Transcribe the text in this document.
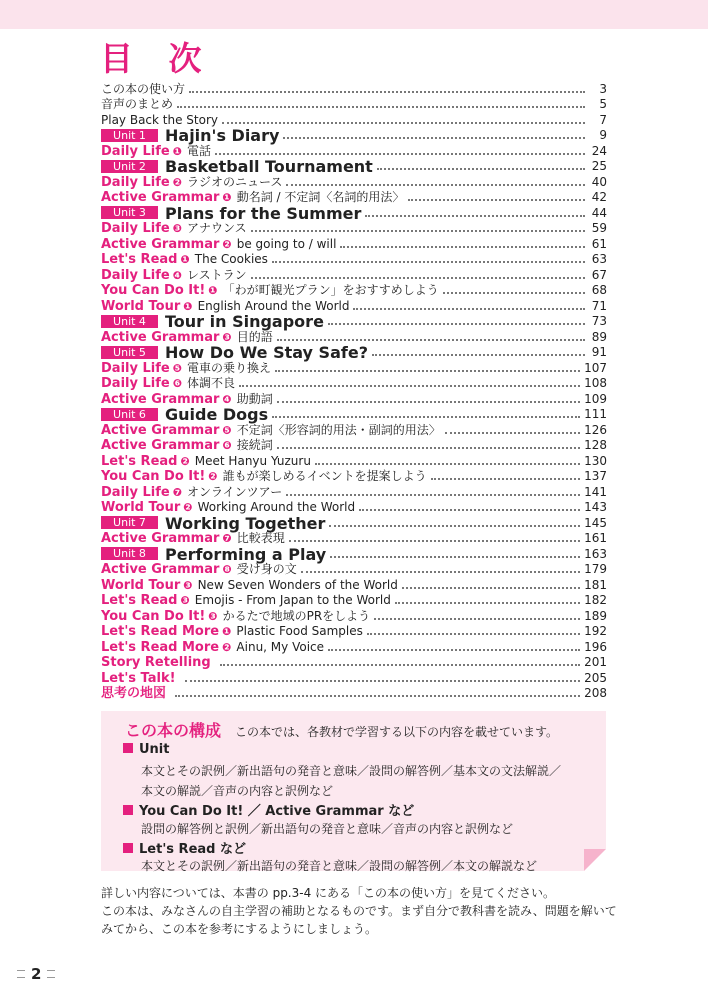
目 次
この本の使い方	3
音声のまとめ	5
Play Back the Story	7
Unit 1	Hajin's Diary	9
Daily Life ❶ 電話	24
Unit 2	Basketball Tournament	25
Daily Life ❷ ラジオのニュース	40
Active Grammar ❶ 動名詞 / 不定詞〈名詞的用法〉	42
Unit 3	Plans for the Summer	44
Daily Life ❸ アナウンス	59
Active Grammar ❷ be going to / will	61
Let's Read ❶ The Cookies	63
Daily Life ❹ レストラン	67
You Can Do It! ❶ 「わが町観光プラン」をおすすめしよう	68
World Tour ❶ English Around the World	71
Unit 4	Tour in Singapore	73
Active Grammar ❸ 目的語	89
Unit 5	How Do We Stay Safe?	91
Daily Life ❺ 電車の乗り換え	107
Daily Life ❻ 体調不良	108
Active Grammar ❹ 助動詞	109
Unit 6	Guide Dogs	111
Active Grammar ❺ 不定詞〈形容詞的用法・副詞的用法〉	126
Active Grammar ❻ 接続詞	128
Let's Read ❷ Meet Hanyu Yuzuru	130
You Can Do It! ❷ 誰もが楽しめるイベントを提案しよう	137
Daily Life ❼ オンラインツアー	141
World Tour ❷ Working Around the World	143
Unit 7	Working Together	145
Active Grammar ❼ 比較表現	161
Unit 8	Performing a Play	163
Active Grammar ❽ 受け身の文	179
World Tour ❸ New Seven Wonders of the World	181
Let's Read ❸ Emojis - From Japan to the World	182
You Can Do It! ❸ かるたで地域のPRをしよう	189
Let's Read More ❶ Plastic Food Samples	192
Let's Read More ❷ Ainu, My Voice	196
Story Retelling	201
Let's Talk!	205
思考の地図	208
この本の構成 この本では、各教材で学習する以下の内容を載せています。
Unit
本文とその訳例／新出語句の発音と意味／設問の解答例／基本文の文法解説／
本文の解説／音声の内容と訳例など
You Can Do It! ／ Active Grammar など
設問の解答例と訳例／新出語句の発音と意味／音声の内容と訳例など
Let's Read など
本文とその訳例／新出語句の発音と意味／設問の解答例／本文の解説など

詳しい内容については、本書の pp.3-4 にある「この本の使い方」を見てください。

この本は、みなさんの自主学習の補助となるものです。まず自分で教科書を読み、問題を解いて

みてから、この本を参考にするようにしましょう。

2
